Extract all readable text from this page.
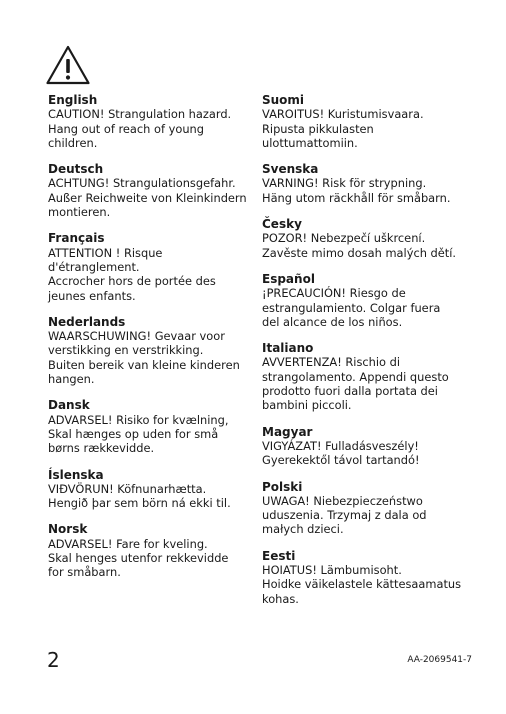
English
CAUTION! Strangulation hazard.
Hang out of reach of young
children.
Deutsch
ACHTUNG! Strangulationsgefahr.
Außer Reichweite von Kleinkindern
montieren.
Français
ATTENTION ! Risque
d'étranglement.
Accrocher hors de portée des
jeunes enfants.
Nederlands
WAARSCHUWING! Gevaar voor
verstikking en verstrikking.
Buiten bereik van kleine kinderen
hangen.
Dansk
ADVARSEL! Risiko for kvælning,
Skal hænges op uden for små
børns rækkevidde.
Íslenska
VIÐVÖRUN! Köfnunarhætta.
Hengið þar sem börn ná ekki til.
Norsk
ADVARSEL! Fare for kveling.
Skal henges utenfor rekkevidde
for småbarn.
Suomi
VAROITUS! Kuristumisvaara.
Ripusta pikkulasten
ulottumattomiin.
Svenska
VARNING! Risk för strypning.
Häng utom räckhåll för småbarn.
Česky
POZOR! Nebezpečí uškrcení.
Zavěste mimo dosah malých dětí.
Español
¡PRECAUCIÓN! Riesgo de
estrangulamiento. Colgar fuera
del alcance de los niños.
Italiano
AVVERTENZA! Rischio di
strangolamento. Appendi questo
prodotto fuori dalla portata dei
bambini piccoli.
Magyar
VIGYÁZAT! Fulladásveszély!
Gyerekektől távol tartandó!
Polski
UWAGA! Niebezpieczeństwo
uduszenia. Trzymaj z dala od
małych dzieci.
Eesti
HOIATUS! Lämbumisoht.
Hoidke väikelastele kättesaamatus
kohas.
2	AA-2069541-7
